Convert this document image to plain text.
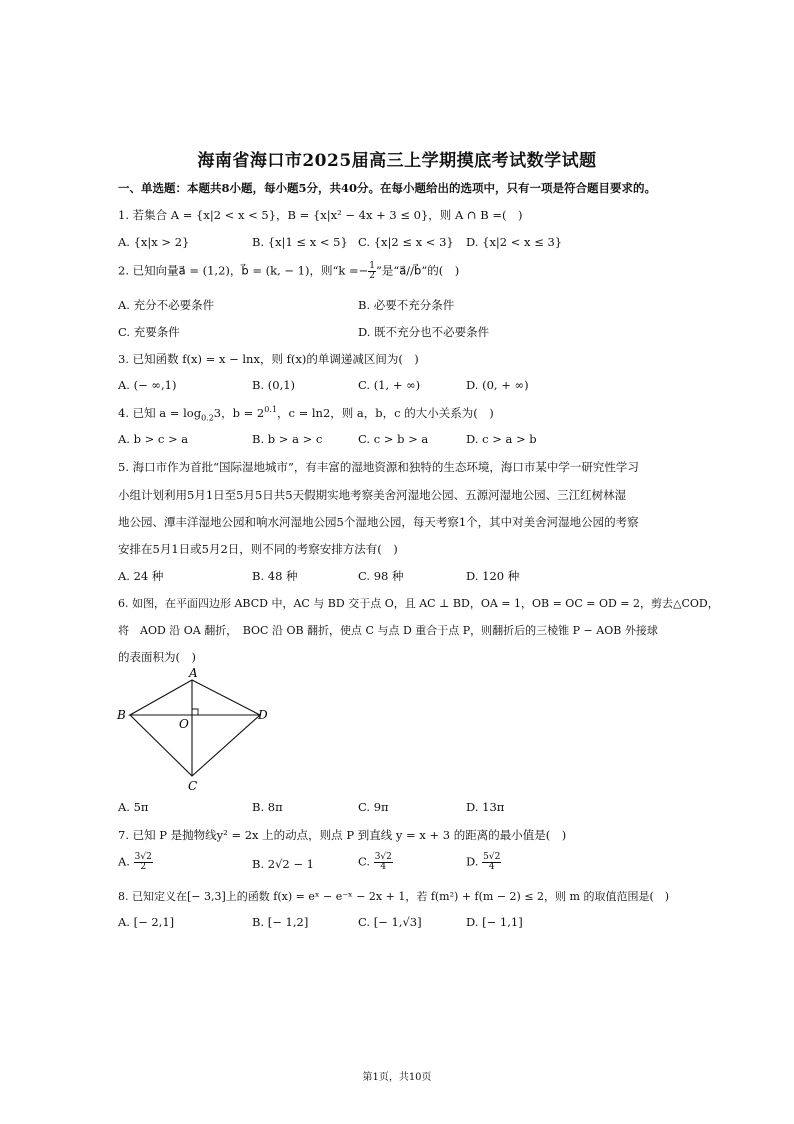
海南省海口市2025届高三上学期摸底考试数学试题
一、单选题：本题共8小题，每小题5分，共40分。在每小题给出的选项中，只有一项是符合题目要求的。
1. 若集合 A = {x|2 < x < 5}，B = {x|x² − 4x + 3 ≤ 0}，则 A ∩ B =(　)
A. {x|x > 2}	B. {x|1 ≤ x < 5} C. {x|2 ≤ x < 3} D. {x|2 < x ≤ 3}
2. 已知向量a⃗ = (1,2)，b⃗ = (k, − 1)，则“$k =- \frac{1}{2}$ ”是“a⃗//b⃗”的(　)
A. 充分不必要条件	B. 必要不充分条件
C. 充要条件	D. 既不充分也不必要条件
3. 已知函数 f(x) = x − lnx，则 f(x)的单调递减区间为(　)
A. (− ∞,1)	B. (0,1)	C. (1, + ∞)	D. (0, + ∞)
4. 已知 $a = \log_{0.2}3$，$b = 2^{0.1}$，c = ln2，则 a，b，c 的大小关系为(　)
A. b > c > a	B. b > a > c	C. c > b > a	D. c > a > b
5. 海口市作为首批“国际湿地城市”，有丰富的湿地资源和独特的生态环境，海口市某中学一研究性学习
小组计划利用5月1日至5月5日共5天假期实地考察美舍河湿地公园、五源河湿地公园、三江红树林湿
地公园、潭丰洋湿地公园和响水河湿地公园5个湿地公园，每天考察1个，其中对美舍河湿地公园的考察
安排在5月1日或5月2日，则不同的考察安排方法有(　)
A. 24 种	B. 48 种	C. 98 种	D. 120 种
6. 如图，在平面四边形 ABCD 中，AC 与 BD 交于点 O，且 AC ⊥ BD，OA = 1，OB = OC = OD = 2，剪去△COD，
将　AOD 沿 OA 翻折，　BOC 沿 OB 翻折，使点 C 与点 D 重合于点 P，则翻折后的三棱锥 P − AOB 外接球
的表面积为(　)
A
B
O
D
C
A. 5π	B. 8π	C. 9π	D. 13π
7. 已知 P 是抛物线y² = 2x 上的动点，则点 P 到直线 y = x + 3 的距离的最小值是(　)
A. $\frac{3√2}{2}$	B. 2√2 − 1	C. $\frac{3√2}{4}$	D. $\frac{5√2}{4}$
8. 已知定义在[− 3,3]上的函数 f(x) = eˣ − e⁻ˣ − 2x + 1，若 f(m²) + f(m − 2) ≤ 2，则 m 的取值范围是(　)
A. [− 2,1]	B. [− 1,2]	C. [− 1,√3]	D. [− 1,1]
第1页，共10页
